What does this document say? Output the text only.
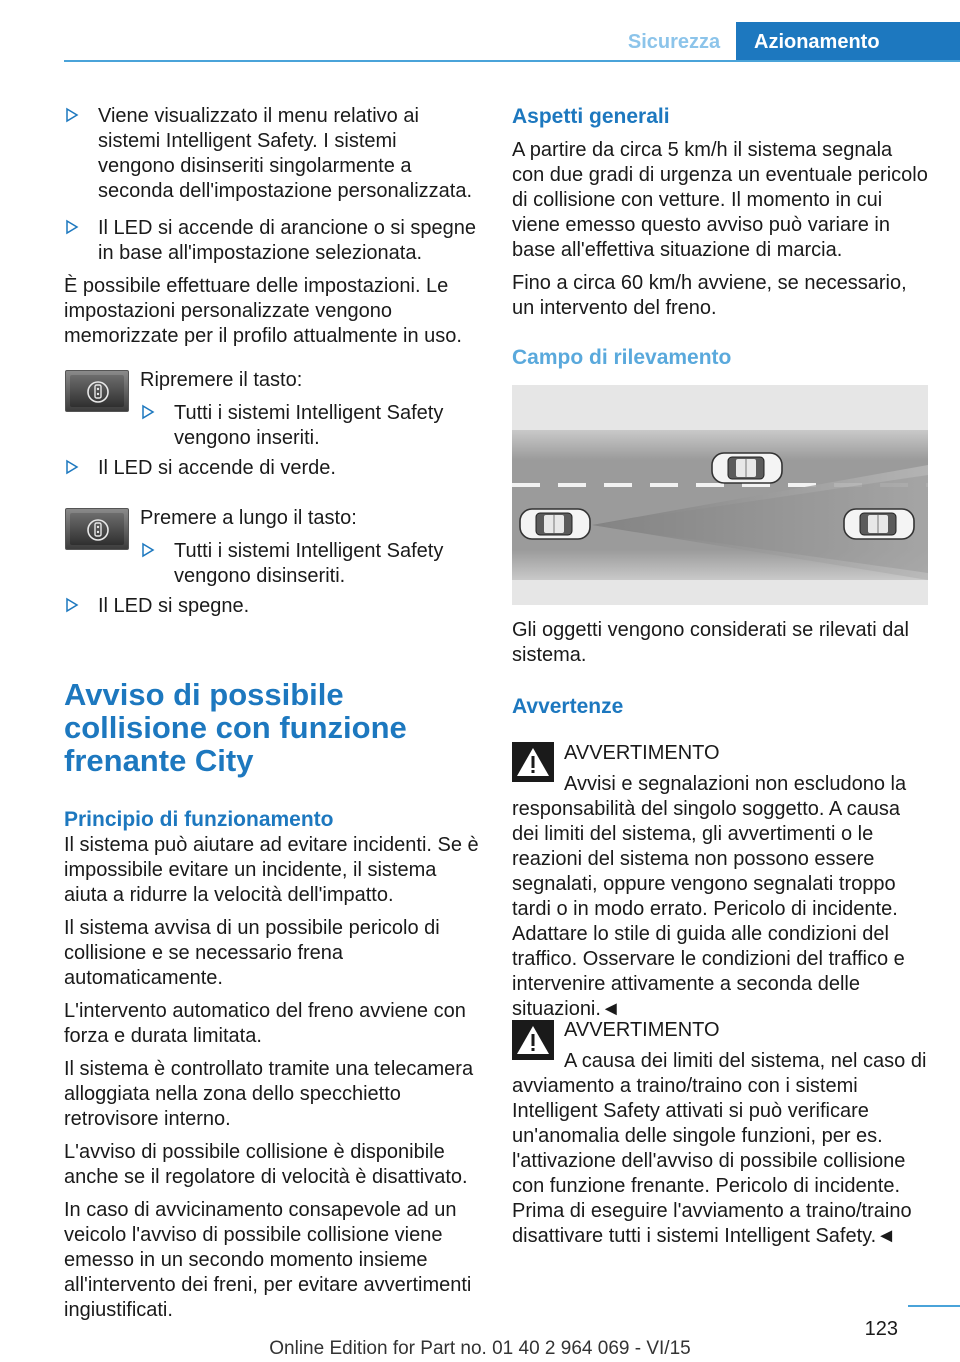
Sicurezza	Azionamento

Viene visualizzato il menu relativo ai sistemi Intelligent Safety. I sistemi vengono disinseriti singolarmente a seconda dell'impostazione personalizzata.

Il LED si accende di arancione o si spegne in base all'impostazione selezionata.

È possibile effettuare delle impostazioni. Le impostazioni personalizzate vengono memorizzate per il profilo attualmente in uso.

Ripremere il tasto:

Tutti i sistemi Intelligent Safety vengono inseriti.

Il LED si accende di verde.

Premere a lungo il tasto:

Tutti i sistemi Intelligent Safety vengono disinseriti.

Il LED si spegne.

Avviso di possibile collisione con funzione frenante City

Principio di funzionamento

Il sistema può aiutare ad evitare incidenti. Se è impossibile evitare un incidente, il sistema aiuta a ridurre la velocità dell'impatto.

Il sistema avvisa di un possibile pericolo di collisione e se necessario frena automaticamente.

L'intervento automatico del freno avviene con forza e durata limitata.

Il sistema è controllato tramite una telecamera alloggiata nella zona dello specchietto retrovisore interno.

L'avviso di possibile collisione è disponibile anche se il regolatore di velocità è disattivato.

In caso di avvicinamento consapevole ad un veicolo l'avviso di possibile collisione viene emesso in un secondo momento insieme all'intervento dei freni, per evitare avvertimenti ingiustificati.

Aspetti generali

A partire da circa 5 km/h il sistema segnala con due gradi di urgenza un eventuale pericolo di collisione con vetture. Il momento in cui viene emesso questo avviso può variare in base all'effettiva situazione di marcia.

Fino a circa 60 km/h avviene, se necessario, un intervento del freno.

Campo di rilevamento

Gli oggetti vengono considerati se rilevati dal sistema.

Avvertenze

AVVERTIMENTO

Avvisi e segnalazioni non escludono la responsabilità del singolo soggetto. A causa dei limiti del sistema, gli avvertimenti o le reazioni del sistema non possono essere segnalati, oppure vengono segnalati troppo tardi o in modo errato. Pericolo di incidente. Adattare lo stile di guida alle condizioni del traffico. Osservare le condizioni del traffico e intervenire attivamente a seconda delle situazioni.◄

AVVERTIMENTO

A causa dei limiti del sistema, nel caso di avviamento a traino/traino con i sistemi Intelligent Safety attivati si può verificare un'anomalia delle singole funzioni, per es. l'attivazione dell'avviso di possibile collisione con funzione frenante. Pericolo di incidente. Prima di eseguire l'avviamento a traino/traino disattivare tutti i sistemi Intelligent Safety.◄

123
Online Edition for Part no. 01 40 2 964 069 - VI/15
